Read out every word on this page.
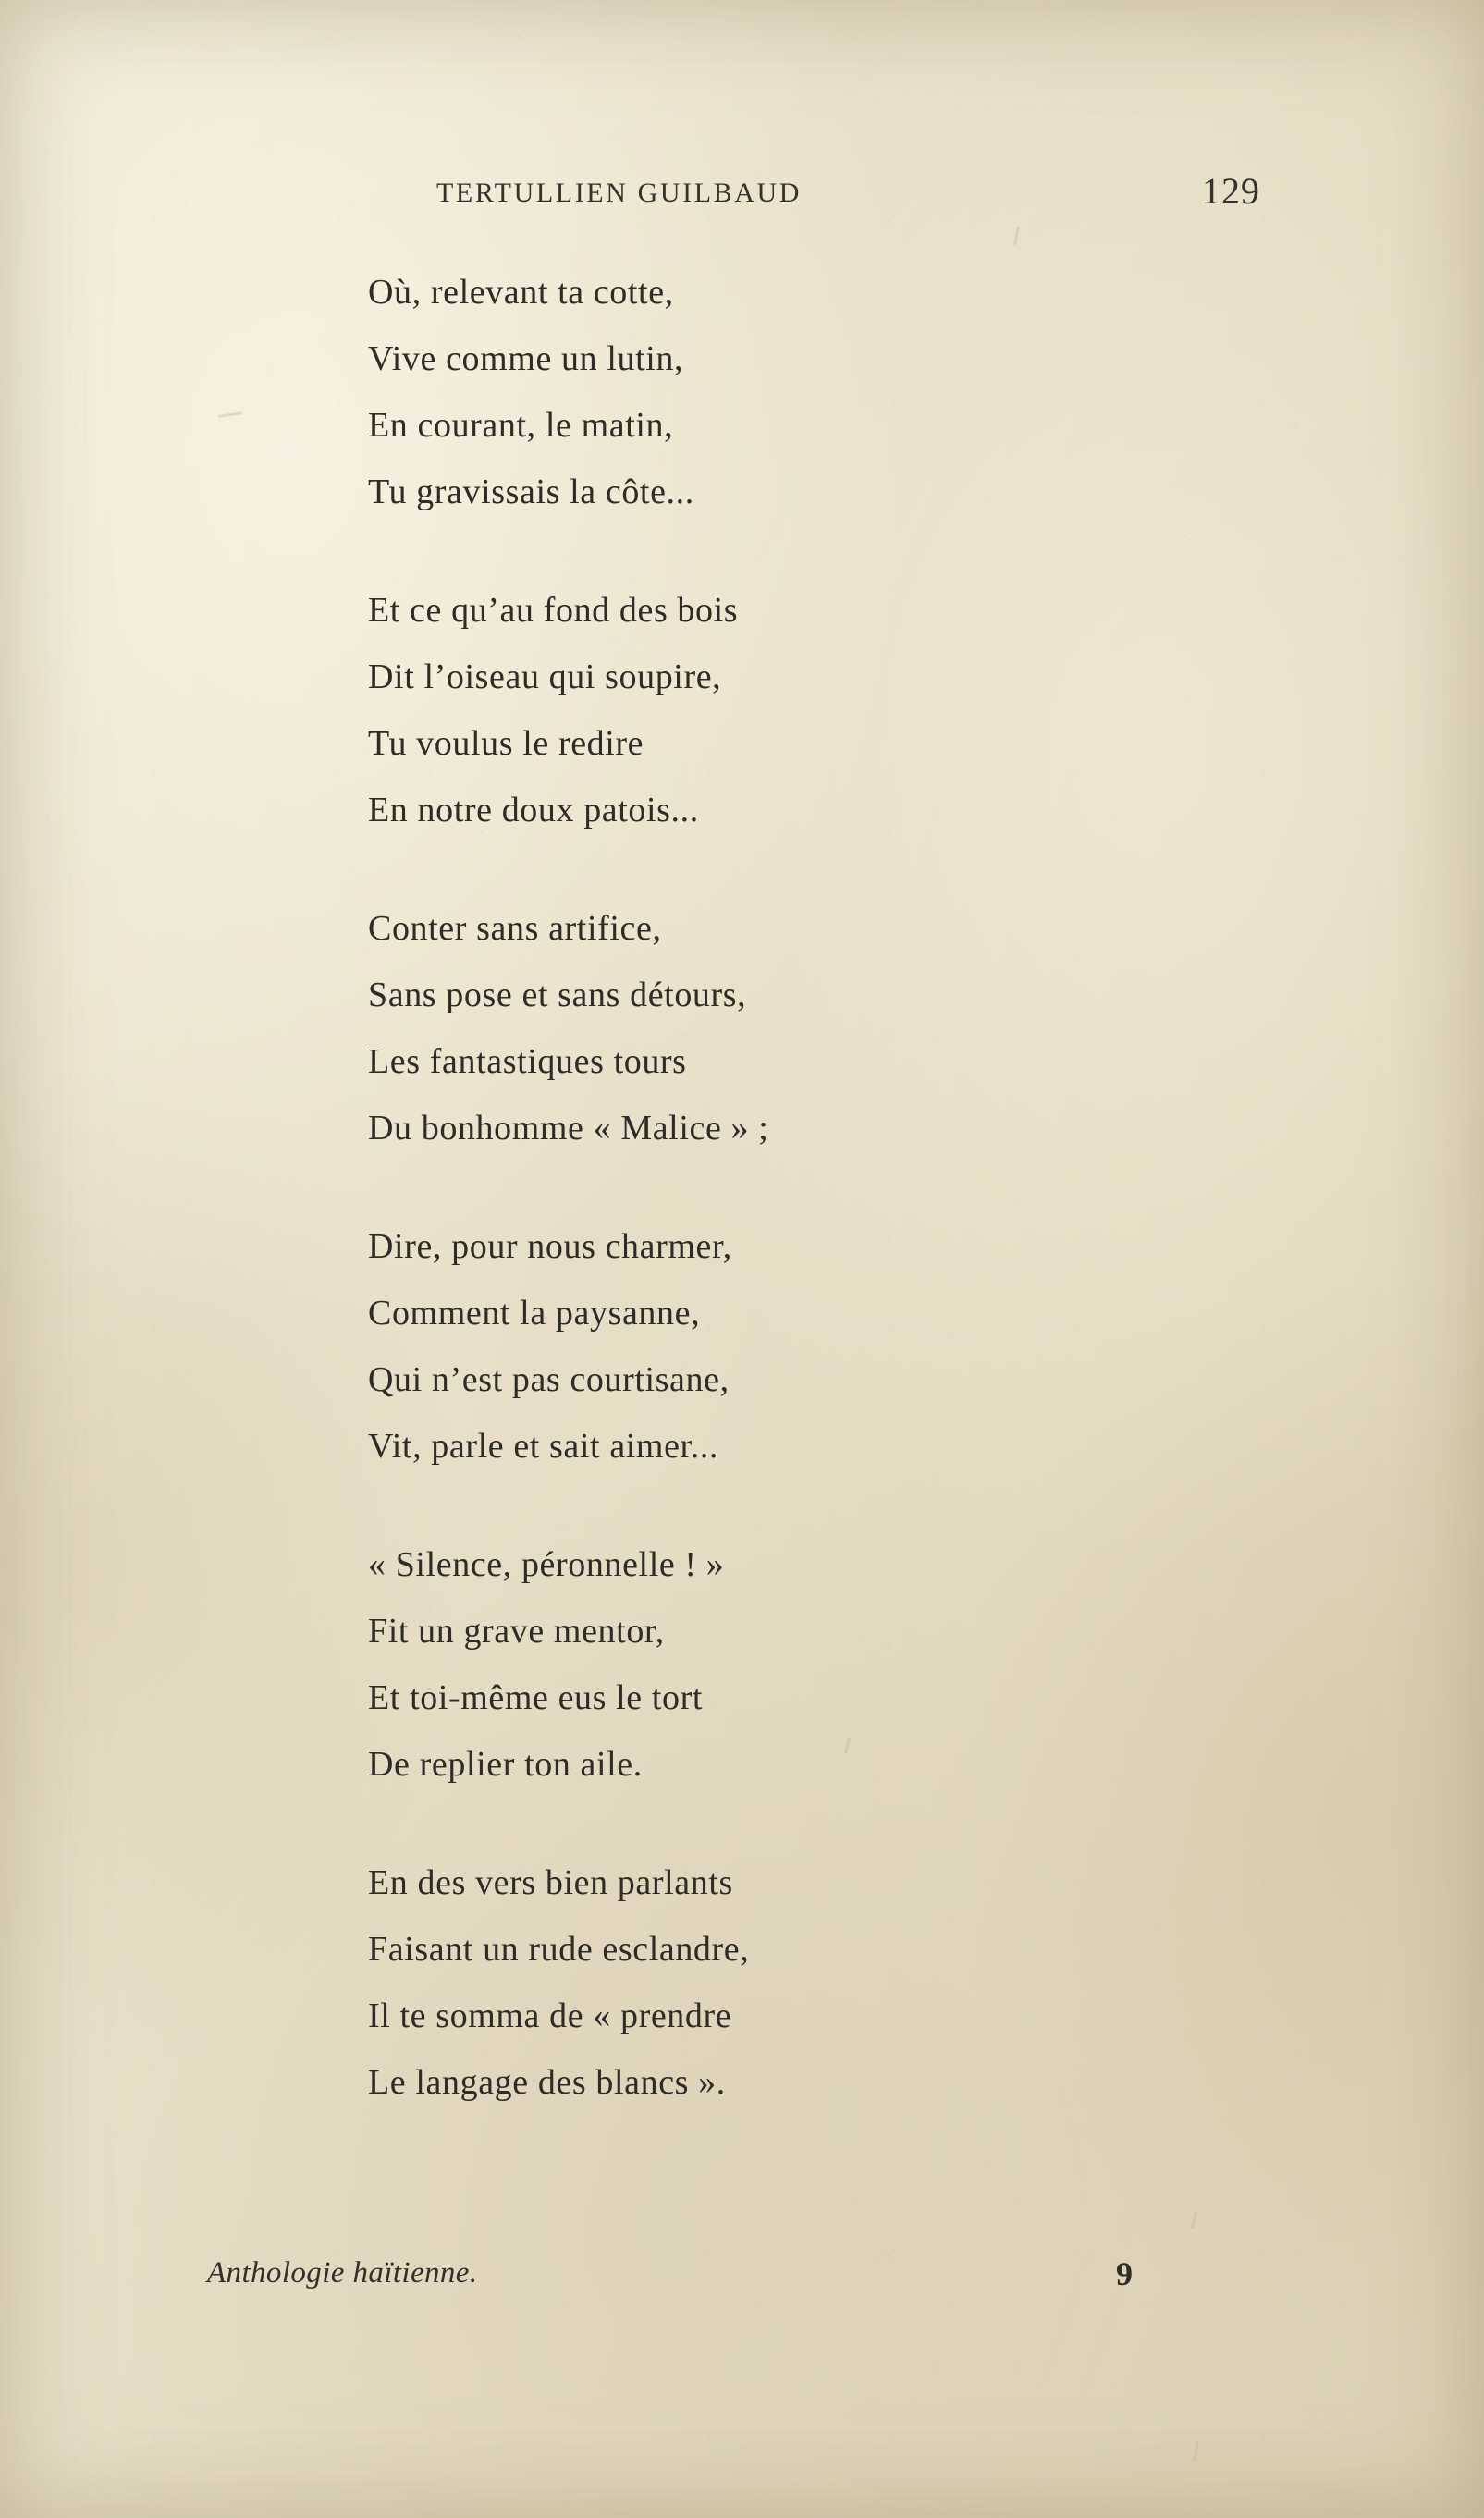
TERTULLIEN GUILBAUD	129
Où, relevant ta cotte,
Vive comme un lutin,
En courant, le matin,
Tu gravissais la côte...
Et ce qu’au fond des bois
Dit l’oiseau qui soupire,
Tu voulus le redire
En notre doux patois...
Conter sans artifice,
Sans pose et sans détours,
Les fantastiques tours
Du bonhomme « Malice » ;
Dire, pour nous charmer,
Comment la paysanne,
Qui n’est pas courtisane,
Vit, parle et sait aimer...
« Silence, péronnelle ! »
Fit un grave mentor,
Et toi-même eus le tort
De replier ton aile.
En des vers bien parlants
Faisant un rude esclandre,
Il te somma de « prendre
Le langage des blancs ».
Anthologie haïtienne.	9
